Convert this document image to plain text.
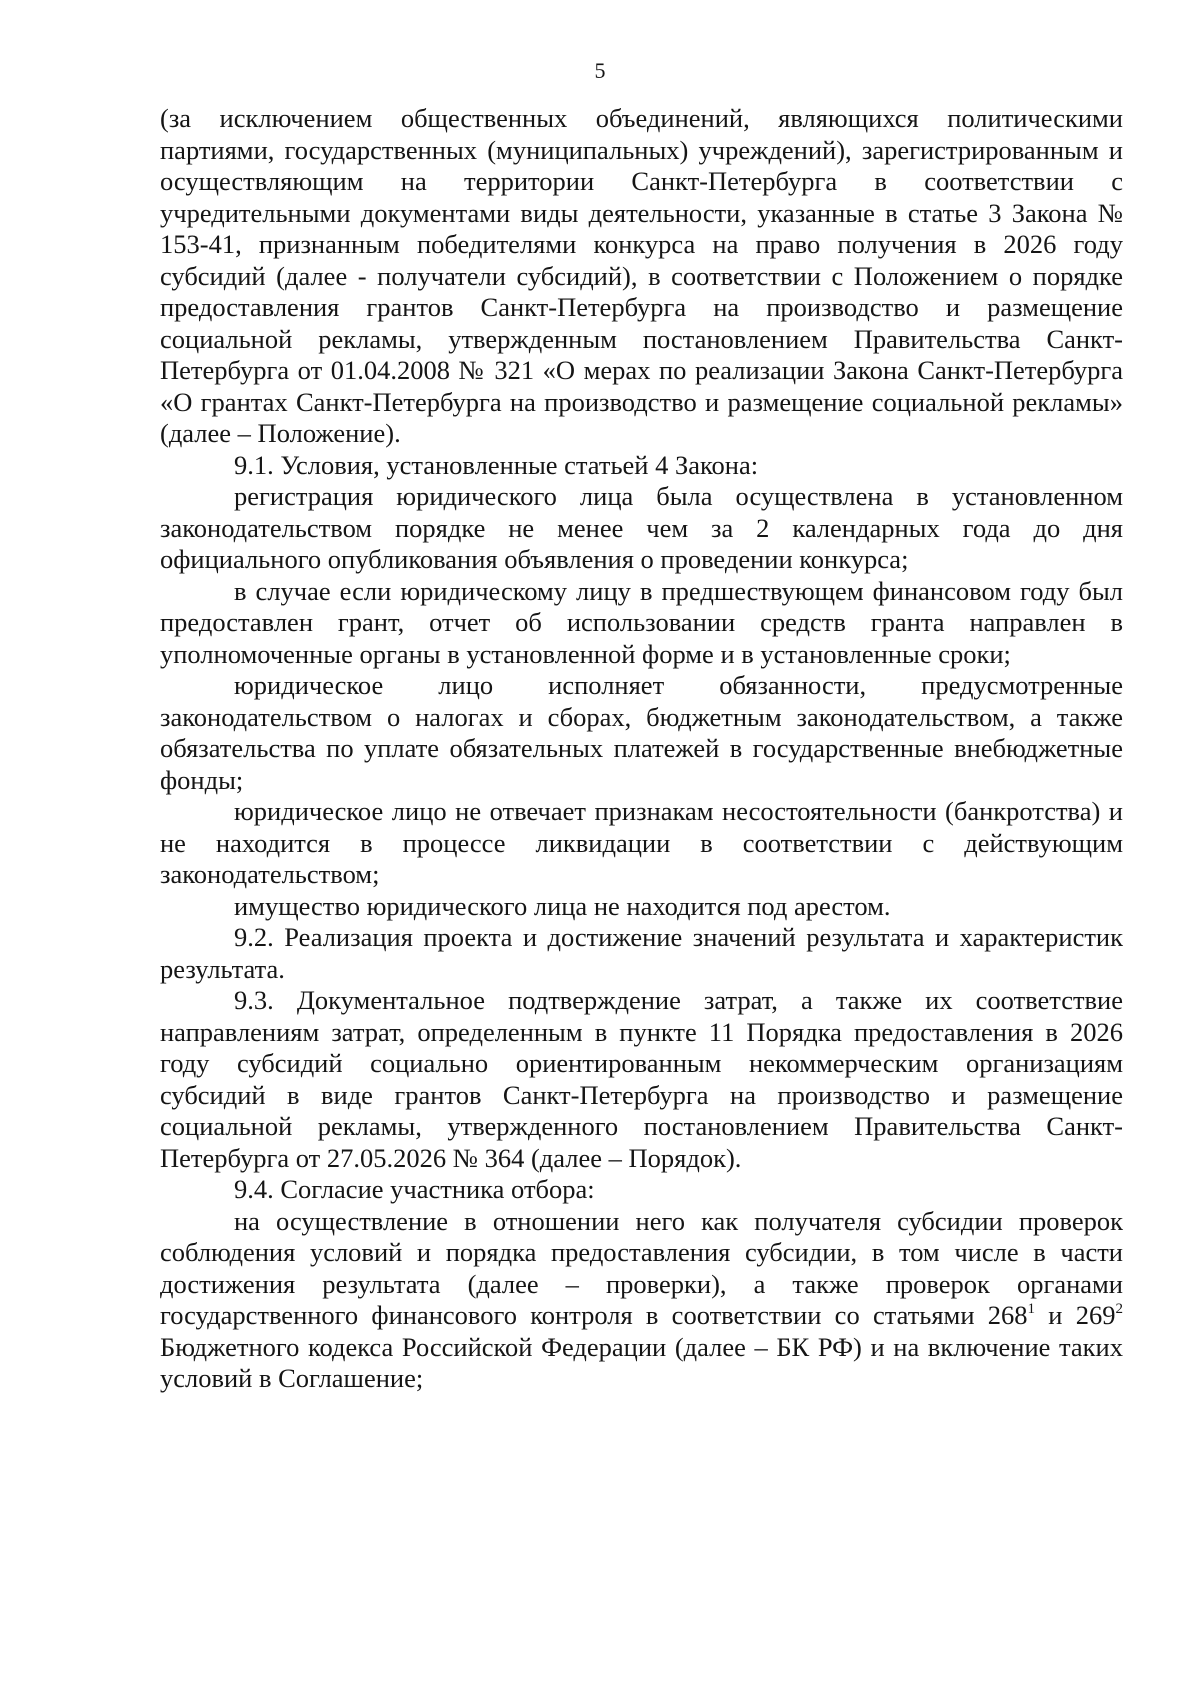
5

(за исключением общественных объединений, являющихся политическими партиями, государственных (муниципальных) учреждений), зарегистрированным и осуществляющим на территории Санкт-Петербурга в соответствии с учредительными документами виды деятельности, указанные в статье 3 Закона № 153-41, признанным победителями конкурса на право получения в 2026 году субсидий (далее - получатели субсидий), в соответствии с Положением о порядке предоставления грантов Санкт-Петербурга на производство и размещение социальной рекламы, утвержденным постановлением Правительства Санкт-Петербурга от 01.04.2008 № 321 «О мерах по реализации Закона Санкт-Петербурга «О грантах Санкт-Петербурга на производство и размещение социальной рекламы» (далее – Положение).

9.1. Условия, установленные статьей 4 Закона:

регистрация юридического лица была осуществлена в установленном законодательством порядке не менее чем за 2 календарных года до дня официального опубликования объявления о проведении конкурса;

в случае если юридическому лицу в предшествующем финансовом году был предоставлен грант, отчет об использовании средств гранта направлен в уполномоченные органы в установленной форме и в установленные сроки;

юридическое лицо исполняет обязанности, предусмотренные законодательством о налогах и сборах, бюджетным законодательством, а также обязательства по уплате обязательных платежей в государственные внебюджетные фонды;

юридическое лицо не отвечает признакам несостоятельности (банкротства) и не находится в процессе ликвидации в соответствии с действующим законодательством;

имущество юридического лица не находится под арестом.

9.2. Реализация проекта и достижение значений результата и характеристик результата.

9.3. Документальное подтверждение затрат, а также их соответствие направлениям затрат, определенным в пункте 11 Порядка предоставления в 2026 году субсидий социально ориентированным некоммерческим организациям субсидий в виде грантов Санкт-Петербурга на производство и размещение социальной рекламы, утвержденного постановлением Правительства Санкт-Петербурга от 27.05.2026 № 364 (далее – Порядок).

9.4. Согласие участника отбора:

на осуществление в отношении него как получателя субсидии проверок соблюдения условий и порядка предоставления субсидии, в том числе в части достижения результата (далее – проверки), а также проверок органами государственного финансового контроля в соответствии со статьями $268^1$ и $269^2$ Бюджетного кодекса Российской Федерации (далее – БК РФ) и на включение таких условий в Соглашение;
